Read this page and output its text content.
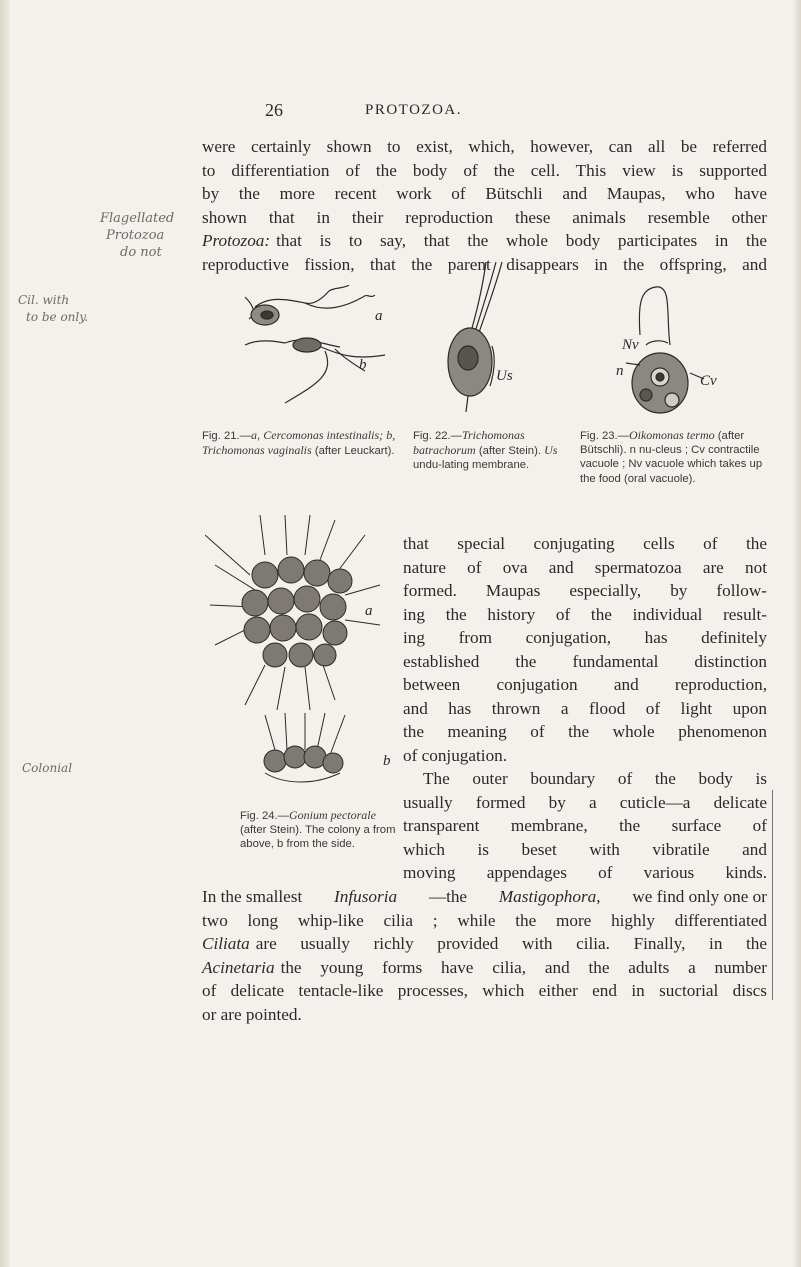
26	PROTOZOA.
were certainly shown to exist, which, however, can all be referred
to differentiation of the body of the cell. This view is supported
by the more recent work of Bütschli and Maupas, who have
shown that in their reproduction these animals resemble other
Protozoa: that is to say, that the whole body participates in the
reproductive fission, that the parent disappears in the offspring, and
Flagellated
Protozoa
do not
Cil. with
to be only.
Colonial
a
b
Fig. 21.—a, Cercomonas intestinalis; b, Trichomonas vaginalis (after Leuckart).
Us
Fig. 22.—Trichomonas batrachorum (after Stein). Us undu-lating membrane.
Nv
n
Cv
Fig. 23.—Oikomonas termo (after Bütschli). n nu-cleus ; Cv contractile vacuole ; Nv vacuole which takes up the food (oral vacuole).
a
b
Fig. 24.—Gonium pectorale (after Stein). The colony a from above, b from the side.
that special conjugating cells of the
nature of ova and spermatozoa are not
formed. Maupas especially, by follow-
ing the history of the individual result-
ing from conjugation, has definitely
established the fundamental distinction
between conjugation and reproduction,
and has thrown a flood of light upon
the meaning of the whole phenomenon
of conjugation.
The outer boundary of the body is
usually formed by a cuticle—a delicate
transparent membrane, the surface of
which is beset with vibratile and
moving appendages of various kinds.
In the smallest Infusoria —the Mastigophora, we find only one or
two long whip-like cilia ; while the more highly differentiated
Ciliata are usually richly provided with cilia. Finally, in the
Acinetaria the young forms have cilia, and the adults a number
of delicate tentacle-like processes, which either end in suctorial discs
or are pointed.
